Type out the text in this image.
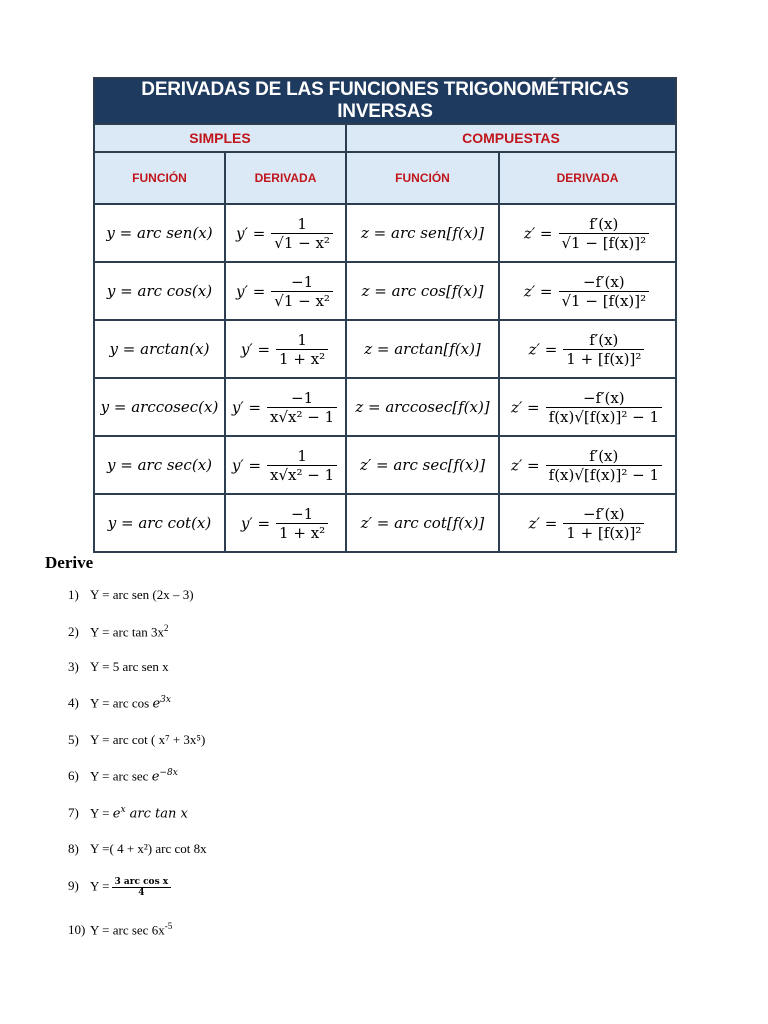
DERIVADAS DE LAS FUNCIONES TRIGONOMÉTRICAS INVERSAS			
SIMPLES		COMPUESTAS	
FUNCIÓN	DERIVADA	FUNCIÓN	DERIVADA
y = arc sen(x)	$y' = \frac{1}{\text{√1 − x²}}$	z = arc sen[f(x)]	$z' = \frac{f'(x)}{\text{√1 − [f(x)]²}}$

y = arc cos(x)	$y' = \frac{-1}{\text{√1 − x²}}$	z = arc cos[f(x)]	$z' = \frac{-f'(x)}{\text{√1 − [f(x)]²}}$

y = arctan(x)	$y' = \frac{1}{\text{1 + x²}}$	z = arctan[f(x)]	$z' = \frac{f'(x)}{\text{1 + [f(x)]²}}$

y = arccosec(x)	$y' = \frac{-1}{\text{x√x² − 1}}$	z = arccosec[f(x)]	$z' = \frac{-f'(x)}{\text{f(x)√[f(x)]² − 1}}$

y = arc sec(x)	$y' = \frac{1}{\text{x√x² − 1}}$	z′ = arc sec[f(x)]	$z' = \frac{f'(x)}{\text{f(x)√[f(x)]² − 1}}$

y = arc cot(x)	$y' = \frac{-1}{\text{1 + x²}}$	z′ = arc cot[f(x)]	$z' = \frac{-f'(x)}{\text{1 + [f(x)]²}}$
Derive
1) Y = arc sen (2x – 3)
2) Y = arc $\tan 3x^2$
3) Y = 5 arc sen x
4) Y = arc $\cos e^{3x}$
5) Y = arc cot ( x⁷ + 3x⁵)
6) Y = arc $\sec e^{-8x}$
7) $Y = e^x$ arc tan x
8) Y =( 4 + x²) arc cot 8x
9) $Y = \frac{\text{3 arc cos x}}{4}$
10) Y = arc $\sec 6x^{-5}$
